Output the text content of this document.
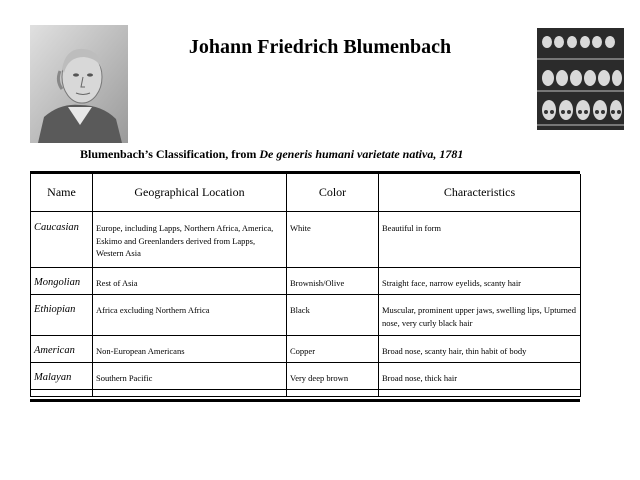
Johann Friedrich Blumenbach
Blumenbach’s Classification, from De generis humani varietate nativa, 1781
Name	Geographical Location	Color	Characteristics
Caucasian	Europe, including Lapps, Northern Africa, America, Eskimo and Greenlanders derived from Lapps, Western Asia	White	Beautiful in form
Mongolian	Rest of Asia	Brownish/Olive	Straight face, narrow eyelids, scanty hair
Ethiopian	Africa excluding Northern Africa	Black	Muscular, prominent upper jaws, swelling lips, Upturned nose, very curly black hair
American	Non-European Americans	Copper	Broad nose, scanty hair, thin habit of body
Malayan	Southern Pacific	Very deep brown	Broad nose, thick hair
